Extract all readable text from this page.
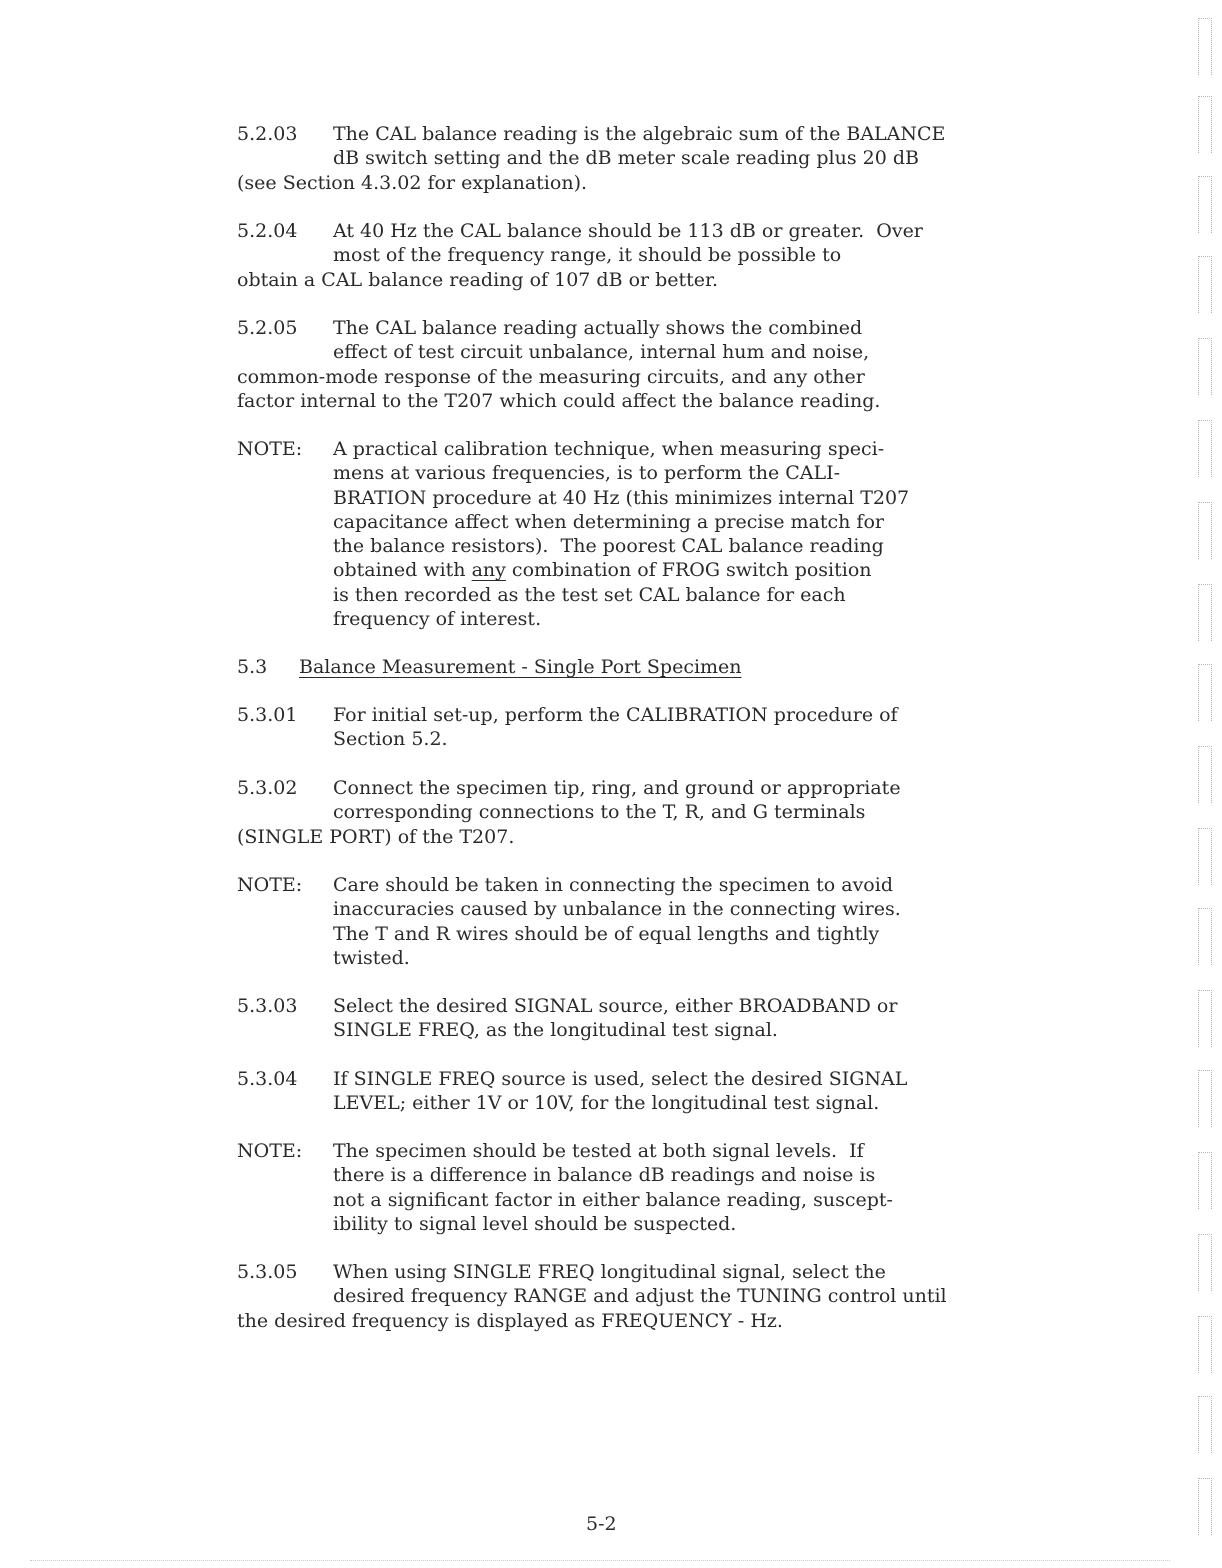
5.2.03 The CAL balance reading is the algebraic sum of the BALANCE
dB switch setting and the dB meter scale reading plus 20 dB
(see Section 4.3.02 for explanation).
5.2.04 At 40 Hz the CAL balance should be 113 dB or greater.  Over
most of the frequency range, it should be possible to
obtain a CAL balance reading of 107 dB or better.
5.2.05 The CAL balance reading actually shows the combined
effect of test circuit unbalance, internal hum and noise,
common-mode response of the measuring circuits, and any other
factor internal to the T207 which could affect the balance reading.
NOTE: A practical calibration technique, when measuring speci-
mens at various frequencies, is to perform the CALI-
BRATION procedure at 40 Hz (this minimizes internal T207
capacitance affect when determining a precise match for
the balance resistors).  The poorest CAL balance reading
obtained with any combination of FROG switch position
is then recorded as the test set CAL balance for each
frequency of interest.
5.3 Balance Measurement - Single Port Specimen
5.3.01 For initial set-up, perform the CALIBRATION procedure of
Section 5.2.
5.3.02 Connect the specimen tip, ring, and ground or appropriate
corresponding connections to the T, R, and G terminals
(SINGLE PORT) of the T207.
NOTE: Care should be taken in connecting the specimen to avoid
inaccuracies caused by unbalance in the connecting wires.
The T and R wires should be of equal lengths and tightly
twisted.
5.3.03 Select the desired SIGNAL source, either BROADBAND or
SINGLE FREQ, as the longitudinal test signal.
5.3.04 If SINGLE FREQ source is used, select the desired SIGNAL
LEVEL; either 1V or 10V, for the longitudinal test signal.
NOTE: The specimen should be tested at both signal levels.  If
there is a difference in balance dB readings and noise is
not a significant factor in either balance reading, suscept-
ibility to signal level should be suspected.
5.3.05 When using SINGLE FREQ longitudinal signal, select the
desired frequency RANGE and adjust the TUNING control until
the desired frequency is displayed as FREQUENCY - Hz.
5-2
